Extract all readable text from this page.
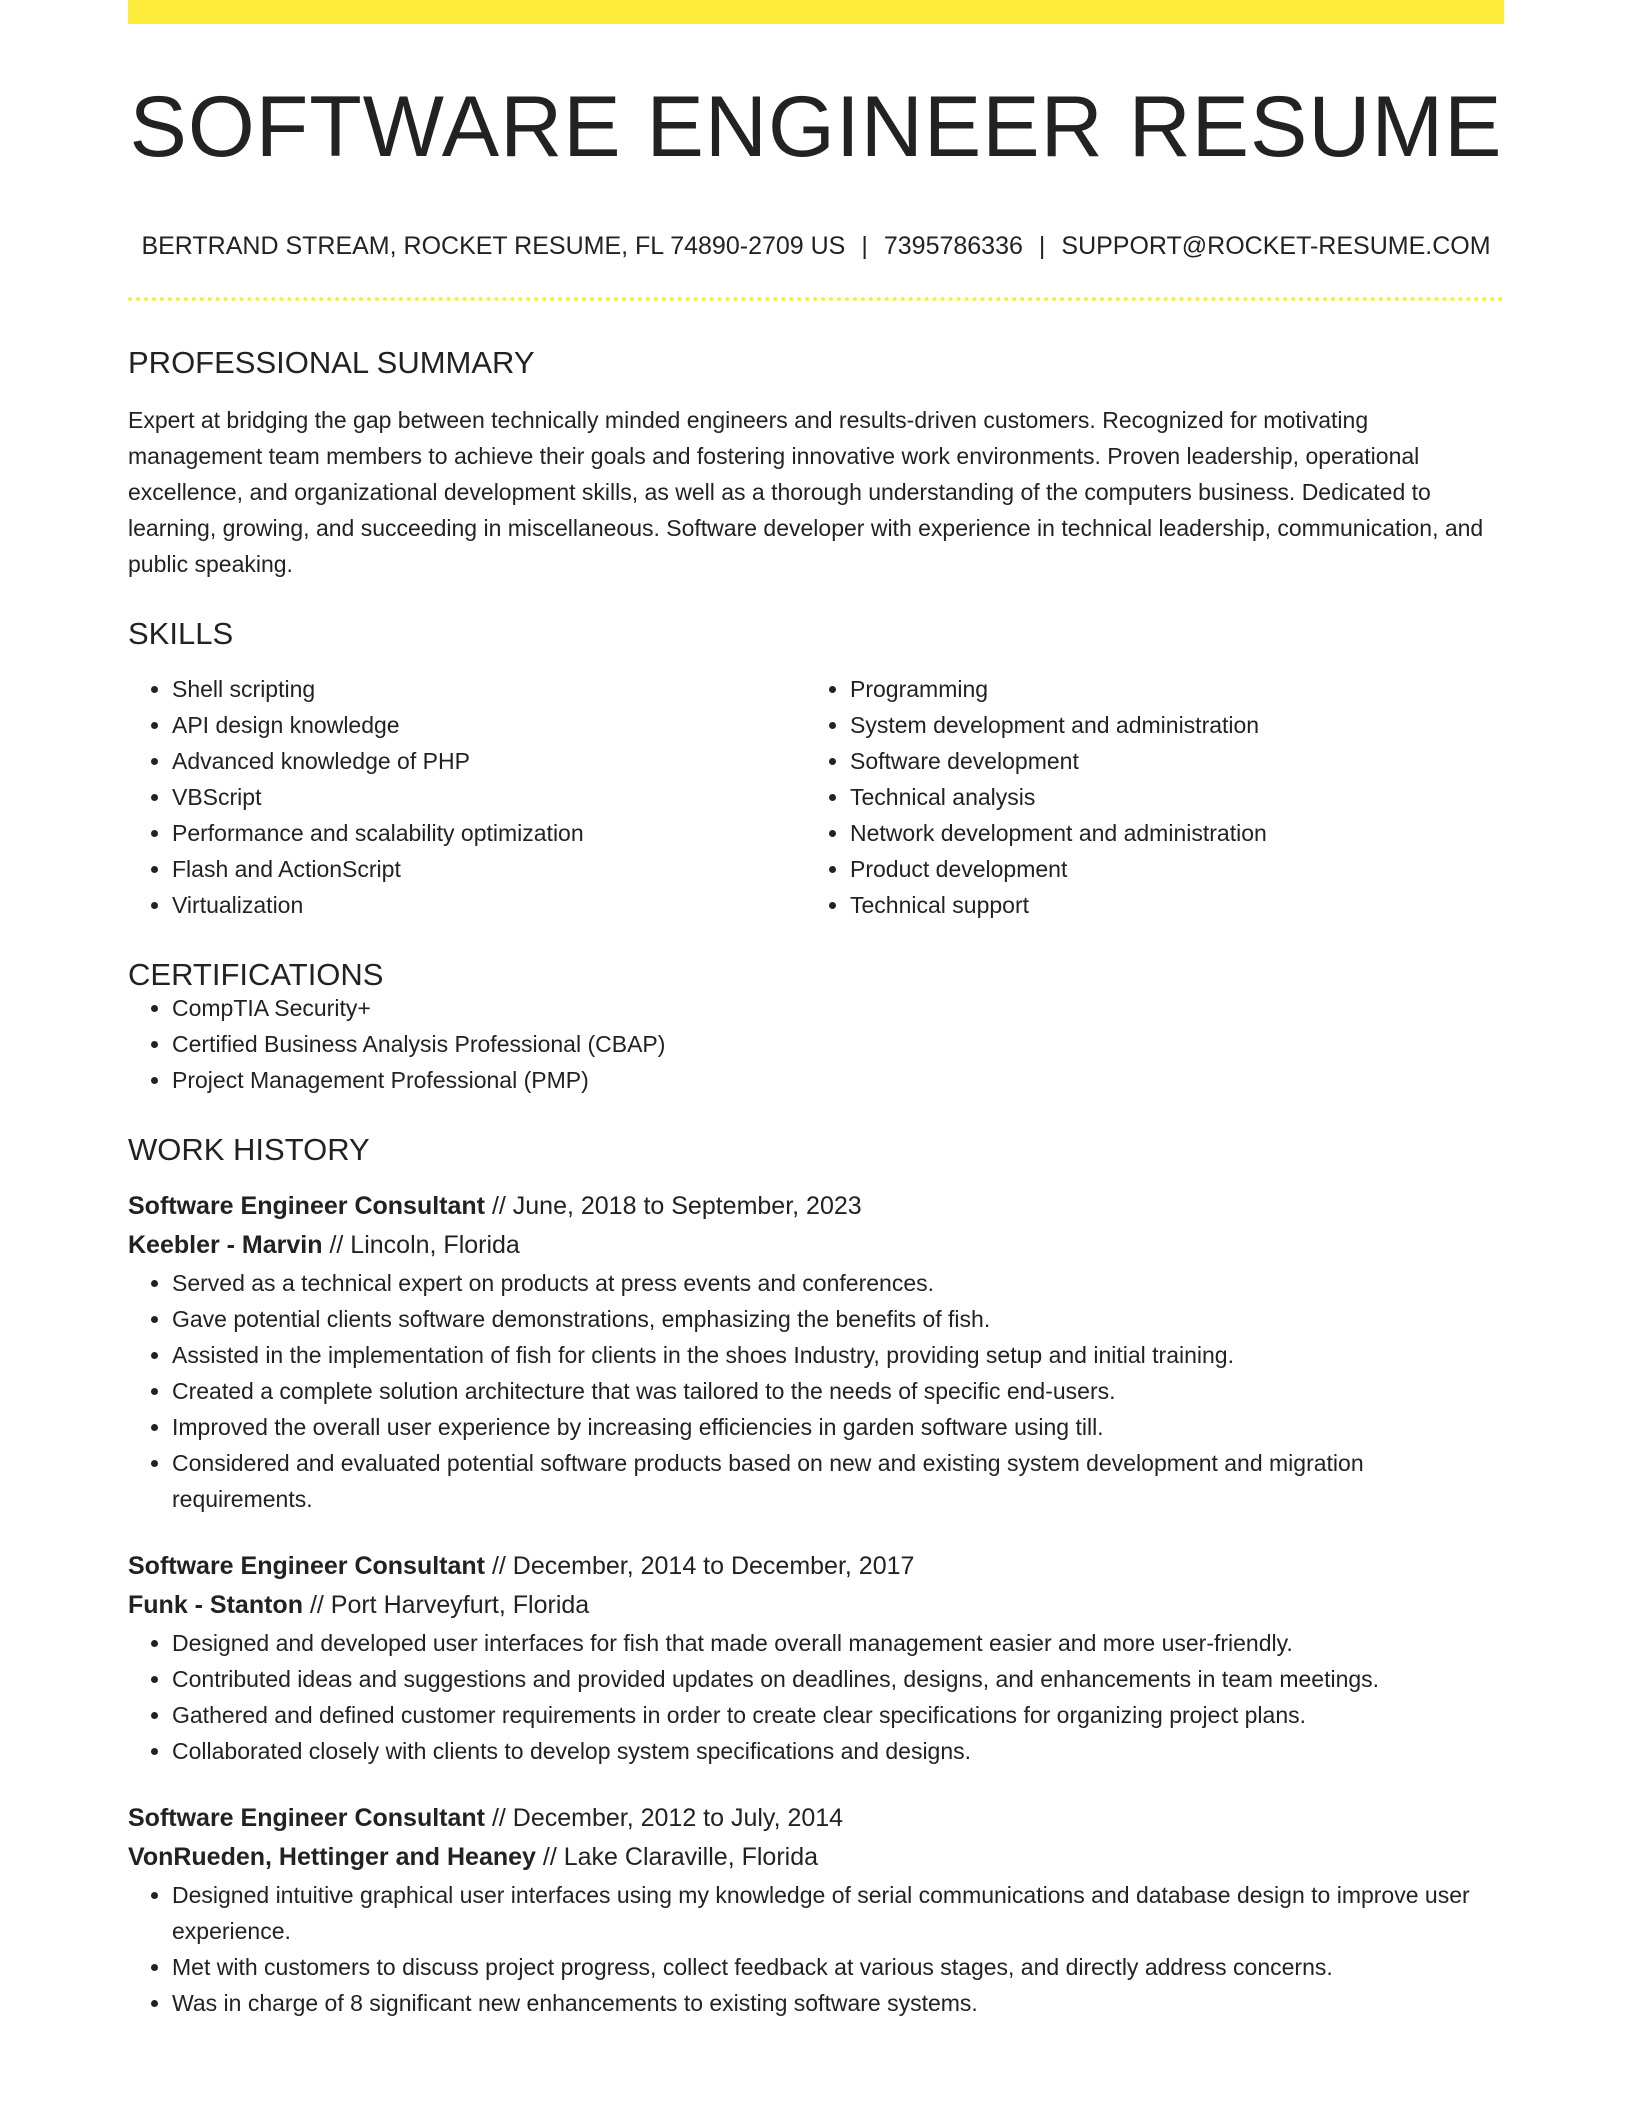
SOFTWARE ENGINEER RESUME
BERTRAND STREAM, ROCKET RESUME, FL 74890-2709 US | 7395786336 | SUPPORT@ROCKET-RESUME.COM
PROFESSIONAL SUMMARY

Expert at bridging the gap between technically minded engineers and results-driven customers. Recognized for motivating management team members to achieve their goals and fostering innovative work environments. Proven leadership, operational excellence, and organizational development skills, as well as a thorough understanding of the computers business. Dedicated to learning, growing, and succeeding in miscellaneous. Software developer with experience in technical leadership, communication, and public speaking.

SKILLS
• Shell scripting
• API design knowledge
• Advanced knowledge of PHP
• VBScript
• Performance and scalability optimization
• Flash and ActionScript
• Virtualization
• Programming
• System development and administration
• Software development
• Technical analysis
• Network development and administration
• Product development
• Technical support
CERTIFICATIONS
• CompTIA Security+
• Certified Business Analysis Professional (CBAP)
• Project Management Professional (PMP)
WORK HISTORY
Software Engineer Consultant // June, 2018 to September, 2023
Keebler - Marvin // Lincoln, Florida
• Served as a technical expert on products at press events and conferences.
• Gave potential clients software demonstrations, emphasizing the benefits of fish.
• Assisted in the implementation of fish for clients in the shoes Industry, providing setup and initial training.
• Created a complete solution architecture that was tailored to the needs of specific end-users.
• Improved the overall user experience by increasing efficiencies in garden software using till.
• Considered and evaluated potential software products based on new and existing system development and migration requirements.
Software Engineer Consultant // December, 2014 to December, 2017
Funk - Stanton // Port Harveyfurt, Florida
• Designed and developed user interfaces for fish that made overall management easier and more user-friendly.
• Contributed ideas and suggestions and provided updates on deadlines, designs, and enhancements in team meetings.
• Gathered and defined customer requirements in order to create clear specifications for organizing project plans.
• Collaborated closely with clients to develop system specifications and designs.
Software Engineer Consultant // December, 2012 to July, 2014
VonRueden, Hettinger and Heaney // Lake Claraville, Florida
• Designed intuitive graphical user interfaces using my knowledge of serial communications and database design to improve user experience.
• Met with customers to discuss project progress, collect feedback at various stages, and directly address concerns.
• Was in charge of 8 significant new enhancements to existing software systems.
